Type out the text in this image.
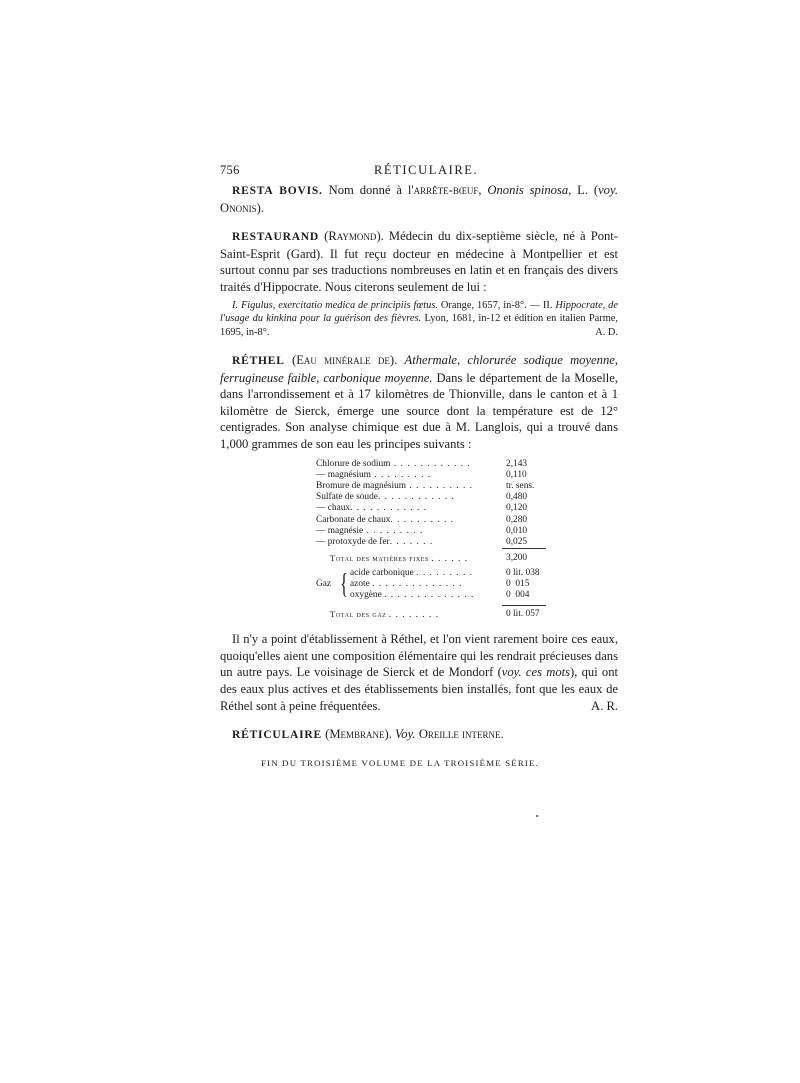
756	RÉTICULAIRE.

RESTA BOVIS. Nom donné à l'arrête-bœuf, Ononis spinosa, L. (voy. Ononis).

RESTAURAND (Raymond). Médecin du dix-septième siècle, né à Pont-Saint-Esprit (Gard). Il fut reçu docteur en médecine à Montpellier et est surtout connu par ses traductions nombreuses en latin et en français des divers traités d'Hippocrate. Nous citerons seulement de lui :

I. Figulus, exercitatio medica de principiis fœtus. Orange, 1657, in-8°. — II. Hippocrate, de l'usage du kinkina pour la guérison des fièvres. Lyon, 1681, in-12 et édition en italien Parme, 1695, in-8°.	A. D.

RÉTHEL (Eau minérale de). Athermale, chlorurée sodique moyenne, ferrugineuse faible, carbonique moyenne. Dans le département de la Moselle, dans l'arrondissement et à 17 kilomètres de Thionville, dans le canton et à 1 kilomètre de Sierck, émerge une source dont la température est de 12° centigrades. Son analyse chimique est due à M. Langlois, qui a trouvé dans 1,000 grammes de son eau les principes suivants :

Chlorure de sodium . . . . . . . . . . . .	2,143
— magnésium . . . . . . . . .	0,110
Bromure de magnésium . . . . . . . . . .	tr. sens.
Sulfate de soude. . . . . . . . . . . .	0,480
— chaux. . . . . . . . . . . .	0,120
Carbonate de chaux. . . . . . . . . .	0,280
— magnésie . . . . . . . . .	0,010
— protoxyde de fer. . . . . . .	0,025
Total des matières fixes . . . . . .	3,200
Gaz { acide carbonique . . . . . . . . .	0 lit. 038
azote . . . . . . . . . . . . . .	0  015
oxygène . . . . . . . . . . . . . .	0  004
Total des gaz . . . . . . . .	0 lit. 057

Il n'y a point d'établissement à Réthel, et l'on vient rarement boire ces eaux, quoiqu'elles aient une composition élémentaire qui les rendrait précieuses dans un autre pays. Le voisinage de Sierck et de Mondorf (voy. ces mots), qui ont des eaux plus actives et des établissements bien installés, font que les eaux de Réthel sont à peine fréquentées.	A. R.

RÉTICULAIRE (Membrane). Voy. Oreille interne.

FIN DU TROISIÈME VOLUME DE LA TROISIÈME SÉRIE.
